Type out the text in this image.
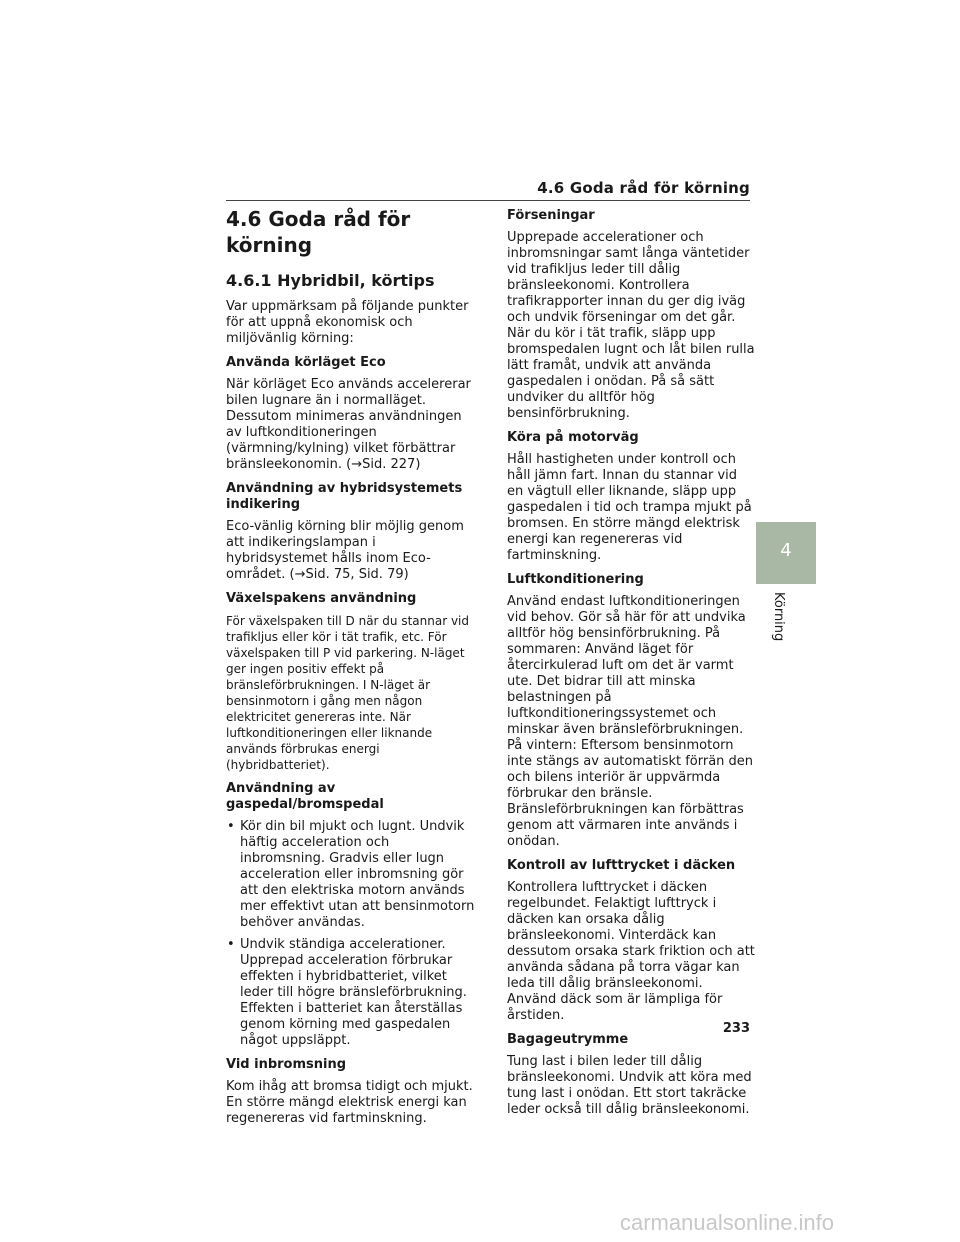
4.6 Goda råd för körning
4.6 Goda råd för körning
4.6.1 Hybridbil, körtips

Var uppmärksam på följande punkter för att uppnå ekonomisk och miljövänlig körning:

Använda körläget Eco

När körläget Eco används accelererar bilen lugnare än i normalläget. Dessutom minimeras användningen av luftkonditioneringen (värmning/kylning) vilket förbättrar bränsleekonomin. (→Sid. 227)

Användning av hybridsystemets indikering

Eco-vänlig körning blir möjlig genom att indikeringslampan i hybridsystemet hålls inom Eco-området. (→Sid. 75, Sid. 79)

Växelspakens användning

För växelspaken till D när du stannar vid trafikljus eller kör i tät trafik, etc. För växelspaken till P vid parkering. N-läget ger ingen positiv effekt på bränsleförbrukningen. I N-läget är bensinmotorn i gång men någon elektricitet genereras inte. När luftkonditioneringen eller liknande används förbrukas energi (hybridbatteriet).

Användning av gaspedal/bromspedal
• Kör din bil mjukt och lugnt. Undvik häftig acceleration och inbromsning. Gradvis eller lugn acceleration eller inbromsning gör att den elektriska motorn används mer effektivt utan att bensinmotorn behöver användas.
• Undvik ständiga accelerationer. Upprepad acceleration förbrukar effekten i hybridbatteriet, vilket leder till högre bränsleförbrukning. Effekten i batteriet kan återställas genom körning med gaspedalen något uppsläppt.
Vid inbromsning

Kom ihåg att bromsa tidigt och mjukt. En större mängd elektrisk energi kan regenereras vid fartminskning.

Förseningar

Upprepade accelerationer och inbromsningar samt långa väntetider vid trafikljus leder till dålig bränsleekonomi. Kontrollera trafikrapporter innan du ger dig iväg och undvik förseningar om det går. När du kör i tät trafik, släpp upp bromspedalen lugnt och låt bilen rulla lätt framåt, undvik att använda gaspedalen i onödan. På så sätt undviker du alltför hög bensinförbrukning.

Köra på motorväg

Håll hastigheten under kontroll och håll jämn fart. Innan du stannar vid en vägtull eller liknande, släpp upp gaspedalen i tid och trampa mjukt på bromsen. En större mängd elektrisk energi kan regenereras vid fartminskning.

Luftkonditionering

Använd endast luftkonditioneringen vid behov. Gör så här för att undvika alltför hög bensinförbrukning. På sommaren: Använd läget för återcirkulerad luft om det är varmt ute. Det bidrar till att minska belastningen på luftkonditioneringssystemet och minskar även bränsleförbrukningen. På vintern: Eftersom bensinmotorn inte stängs av automatiskt förrän den och bilens interiör är uppvärmda förbrukar den bränsle. Bränsleförbrukningen kan förbättras genom att värmaren inte används i onödan.

Kontroll av lufttrycket i däcken

Kontrollera lufttrycket i däcken regelbundet. Felaktigt lufttryck i däcken kan orsaka dålig bränsleekonomi. Vinterdäck kan dessutom orsaka stark friktion och att använda sådana på torra vägar kan leda till dålig bränsleekonomi. Använd däck som är lämpliga för årstiden.

Bagageutrymme

Tung last i bilen leder till dålig bränsleekonomi. Undvik att köra med tung last i onödan. Ett stort takräcke leder också till dålig bränsleekonomi.

4
Körning
233
carmanualsonline.info
